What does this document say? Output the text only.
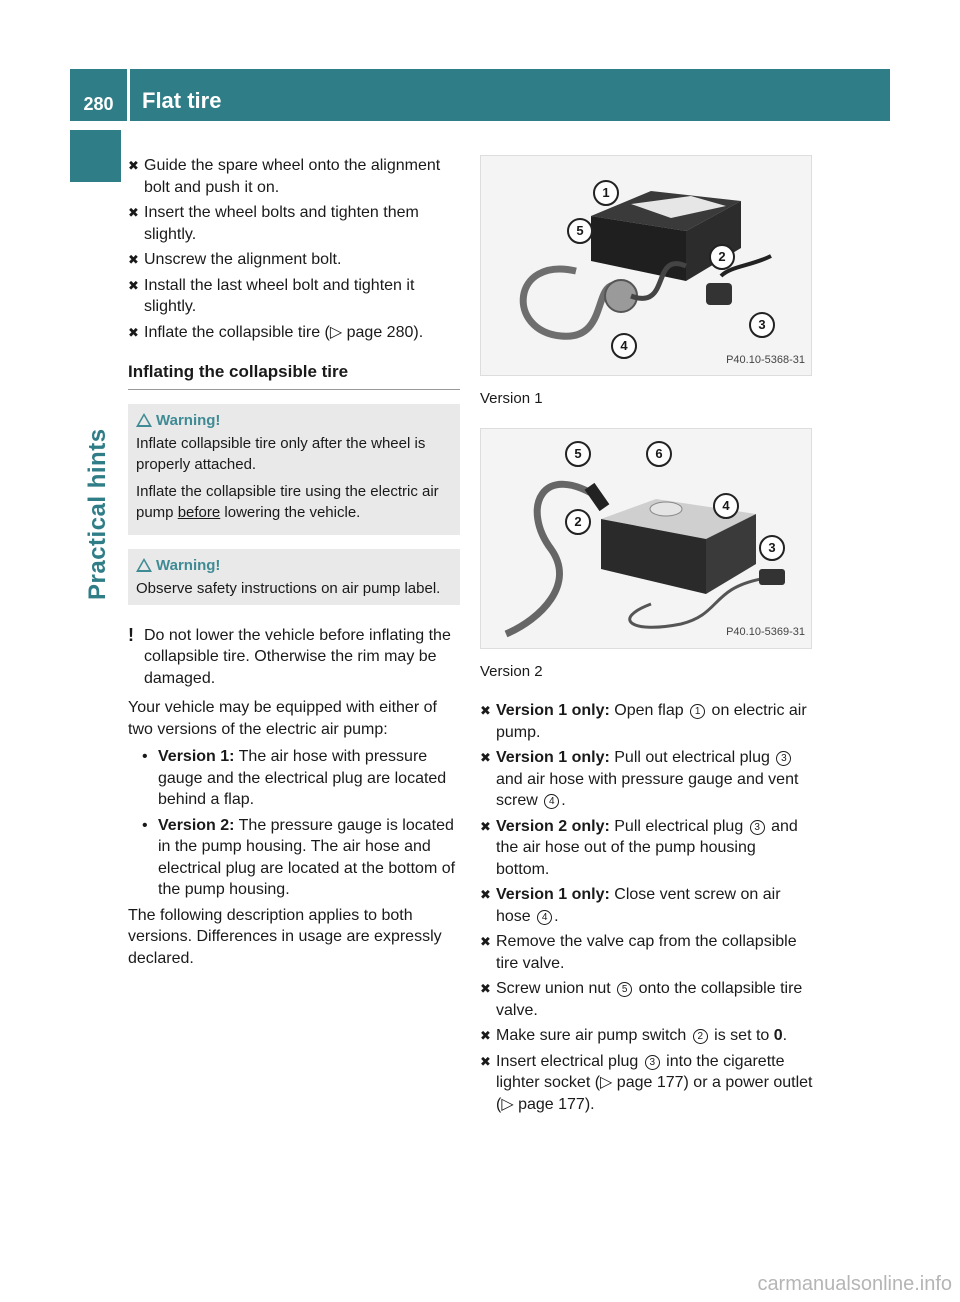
280	Flat tire
Practical hints
✖ Guide the spare wheel onto the alignment bolt and push it on.
✖ Insert the wheel bolts and tighten them slightly.
✖ Unscrew the alignment bolt.
✖ Install the last wheel bolt and tighten it slightly.
✖ Inflate the collapsible tire (▷ page 280).
Inflating the collapsible tire
Warning!

Inflate collapsible tire only after the wheel is properly attached.

Inflate the collapsible tire using the electric air pump before lowering the vehicle.

Warning!

Observe safety instructions on air pump label.

! Do not lower the vehicle before inflating the collapsible tire. Otherwise the rim may be damaged.
Your vehicle may be equipped with either of two versions of the electric air pump:
• Version 1: The air hose with pressure gauge and the electrical plug are located behind a flap.
• Version 2: The pressure gauge is located in the pump housing. The air hose and electrical plug are located at the bottom of the pump housing.
The following description applies to both versions. Differences in usage are expressly declared.
1
2
3
4
5
P40.10-5368-31
Version 1
5	6
4
2
3
P40.10-5369-31
Version 2
✖ Version 1 only: Open flap 1 on electric air pump.
✖ Version 1 only: Pull out electrical plug 3 and air hose with pressure gauge and vent screw 4 .
✖ Version 2 only: Pull electrical plug 3 and the air hose out of the pump housing bottom.
✖ Version 1 only: Close vent screw on air hose 4 .
✖ Remove the valve cap from the collapsible tire valve.
✖ Screw union nut 5 onto the collapsible tire valve.
✖ Make sure air pump switch 2 is set to 0.
✖ Insert electrical plug 3 into the cigarette lighter socket (▷ page 177) or a power outlet (▷ page 177).
carmanualsonline.info
